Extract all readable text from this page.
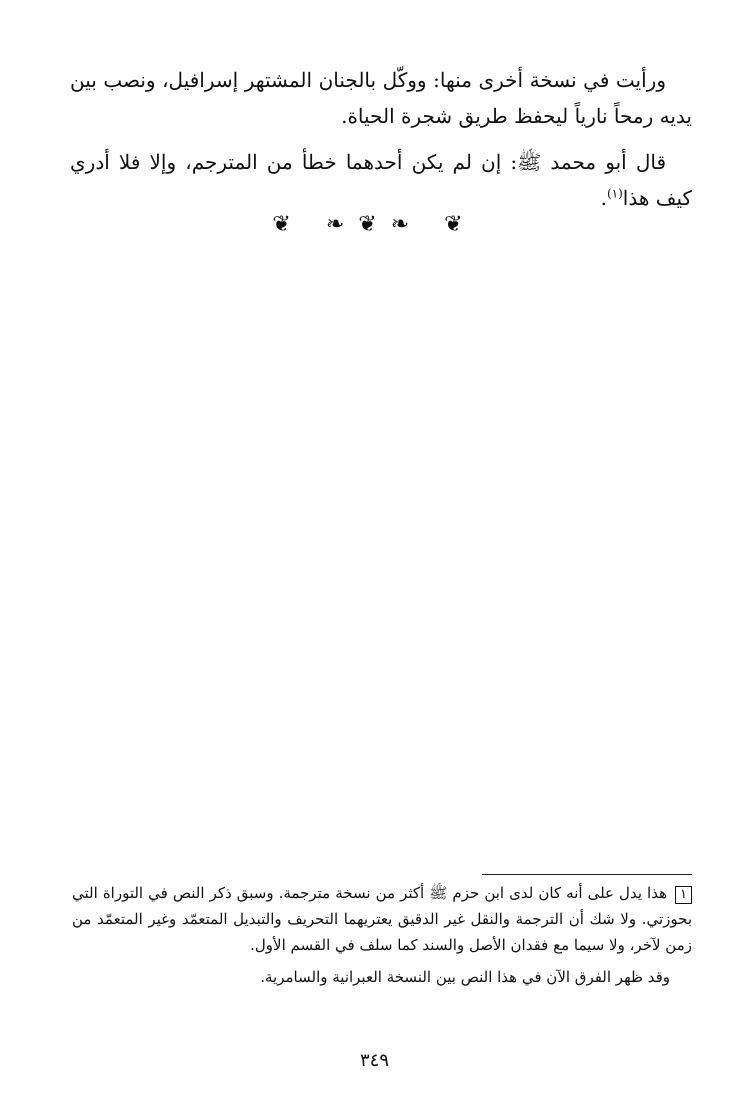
ورأيت في نسخة أخرى منها: ووكّل بالجنان المشتهر إسرافيل، ونصب بين يديه رمحاً نارياً ليحفظ طريق شجرة الحياة.

قال أبو محمد ﷺ: إن لم يكن أحدهما خطأ من المترجم، وإلا فلا أدري كيف هذا$^{(١)}$.

❦ ❧❦❧ ❦

١هذا يدل على أنه كان لدى ابن حزم ﷺ أكثر من نسخة مترجمة. وسبق ذكر النص في التوراة التي بحوزتي. ولا شك أن الترجمة والنقل غير الدقيق يعتريهما التحريف والتبديل المتعمّد وغير المتعمّد من زمن لآخر، ولا سيما مع فقدان الأصل والسند كما سلف في القسم الأول.

وقد ظهر الفرق الآن في هذا النص بين النسخة العبرانية والسامرية.

٣٤٩
